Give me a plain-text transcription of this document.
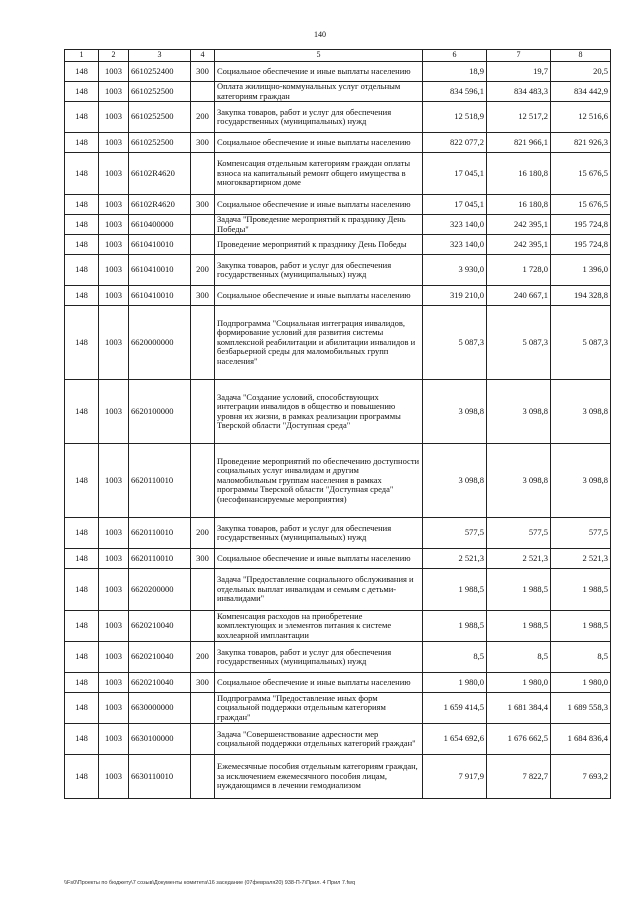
140
1	2	3	4	5	6	7	8
148	1003	6610252400	300	Социальное обеспечение и иные выплаты населению	18,9	19,7	20,5
148	1003	6610252500		Оплата жилищно-коммунальных услуг отдельным категориям граждан	834 596,1	834 483,3	834 442,9
148	1003	6610252500	200	Закупка товаров, работ и услуг для обеспечения государственных (муниципальных) нужд	12 518,9	12 517,2	12 516,6
148	1003	6610252500	300	Социальное обеспечение и иные выплаты населению	822 077,2	821 966,1	821 926,3
148	1003	66102R4620		Компенсация отдельным категориям граждан оплаты взноса на капитальный ремонт общего имущества в многоквартирном доме	17 045,1	16 180,8	15 676,5
148	1003	66102R4620	300	Социальное обеспечение и иные выплаты населению	17 045,1	16 180,8	15 676,5
148	1003	6610400000		Задача "Проведение мероприятий к празднику День Победы"	323 140,0	242 395,1	195 724,8
148	1003	6610410010		Проведение мероприятий к празднику День Победы	323 140,0	242 395,1	195 724,8
148	1003	6610410010	200	Закупка товаров, работ и услуг для обеспечения государственных (муниципальных) нужд	3 930,0	1 728,0	1 396,0
148	1003	6610410010	300	Социальное обеспечение и иные выплаты населению	319 210,0	240 667,1	194 328,8
148	1003	6620000000		Подпрограмма "Социальная интеграция инвалидов, формирование условий для развития системы комплексной реабилитации и абилитации инвалидов и безбарьерной среды для маломобильных групп населения"	5 087,3	5 087,3	5 087,3
148	1003	6620100000		Задача "Создание условий, способствующих интеграции инвалидов в общество и повышению уровня их жизни, в рамках реализации программы Тверской области "Доступная среда"	3 098,8	3 098,8	3 098,8
148	1003	6620110010		Проведение мероприятий по обеспечению доступности социальных услуг инвалидам и другим маломобильным группам населения в рамках программы Тверской области "Доступная среда" (несофинансируемые мероприятия)	3 098,8	3 098,8	3 098,8
148	1003	6620110010	200	Закупка товаров, работ и услуг для обеспечения государственных (муниципальных) нужд	577,5	577,5	577,5
148	1003	6620110010	300	Социальное обеспечение и иные выплаты населению	2 521,3	2 521,3	2 521,3
148	1003	6620200000		Задача "Предоставление социального обслуживания и отдельных выплат инвалидам и семьям с детьми-инвалидами"	1 988,5	1 988,5	1 988,5
148	1003	6620210040		Компенсация расходов на приобретение комплектующих и элементов питания к системе кохлеарной имплантации	1 988,5	1 988,5	1 988,5
148	1003	6620210040	200	Закупка товаров, работ и услуг для обеспечения государственных (муниципальных) нужд	8,5	8,5	8,5
148	1003	6620210040	300	Социальное обеспечение и иные выплаты населению	1 980,0	1 980,0	1 980,0
148	1003	6630000000		Подпрограмма "Предоставление иных форм социальной поддержки отдельным категориям граждан"	1 659 414,5	1 681 384,4	1 689 558,3
148	1003	6630100000		Задача "Совершенствование адресности мер социальной поддержки отдельных категорий граждан"	1 654 692,6	1 676 662,5	1 684 836,4
148	1003	6630110010		Ежемесячные пособия отдельным категориям граждан, за исключением ежемесячного пособия лицам, нуждающимся в лечении гемодиализом	7 917,9	7 822,7	7 693,2
\\Fs0\Проекты по бюджету\7 созыв\Документы комитета\16 заседание (07февраля20) 938-П-7\Прил. 4 Прил 7.fwq
